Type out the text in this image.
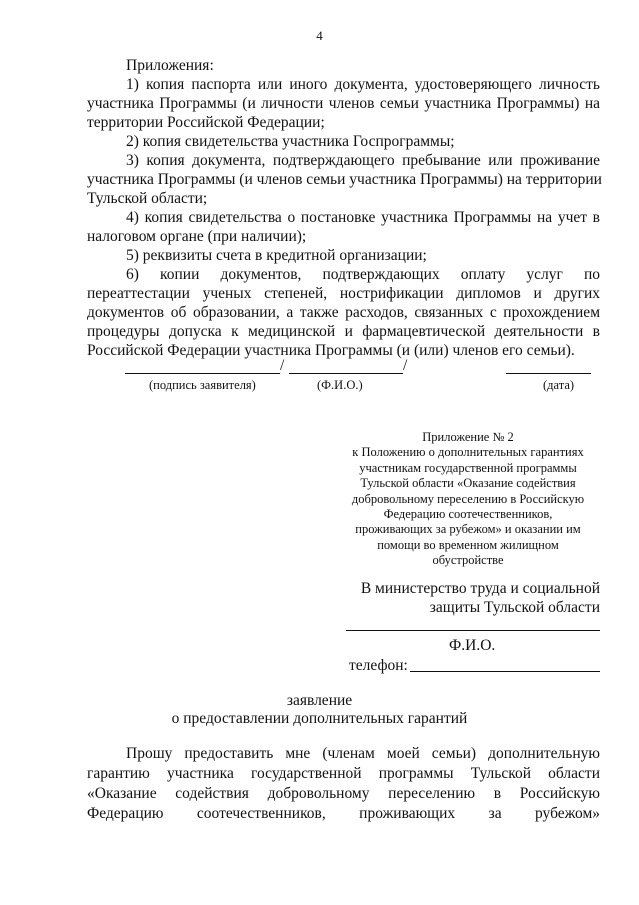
4
Приложения:
1) копия паспорта или иного документа, удостоверяющего личность
участника Программы (и личности членов семьи участника Программы) на
территории Российской Федерации;
2) копия свидетельства участника Госпрограммы;
3) копия документа, подтверждающего пребывание или проживание
участника Программы (и членов семьи участника Программы) на территории
Тульской области;
4) копия свидетельства о постановке участника Программы на учет в
налоговом органе (при наличии);
5) реквизиты счета в кредитной организации;
6) копии документов, подтверждающих оплату услуг по
переаттестации ученых степеней, нострификации дипломов и других
документов об образовании, а также расходов, связанных с прохождением
процедуры допуска к медицинской и фармацевтической деятельности в
Российской Федерации участника Программы (и (или) членов его семьи).
/	/
(подпись заявителя)	(Ф.И.О.)	(дата)
Приложение № 2
к Положению о дополнительных гарантиях
участникам государственной программы
Тульской области «Оказание содействия
добровольному переселению в Российскую
Федерацию соотечественников,
проживающих за рубежом» и оказании им
помощи во временном жилищном
обустройстве
В министерство труда и социальной
защиты Тульской области
Ф.И.О.
телефон:
заявление
о предоставлении дополнительных гарантий
Прошу предоставить мне (членам моей семьи) дополнительную
гарантию участника государственной программы Тульской области
«Оказание содействия добровольному переселению в Российскую
Федерацию соотечественников, проживающих за рубежом»
